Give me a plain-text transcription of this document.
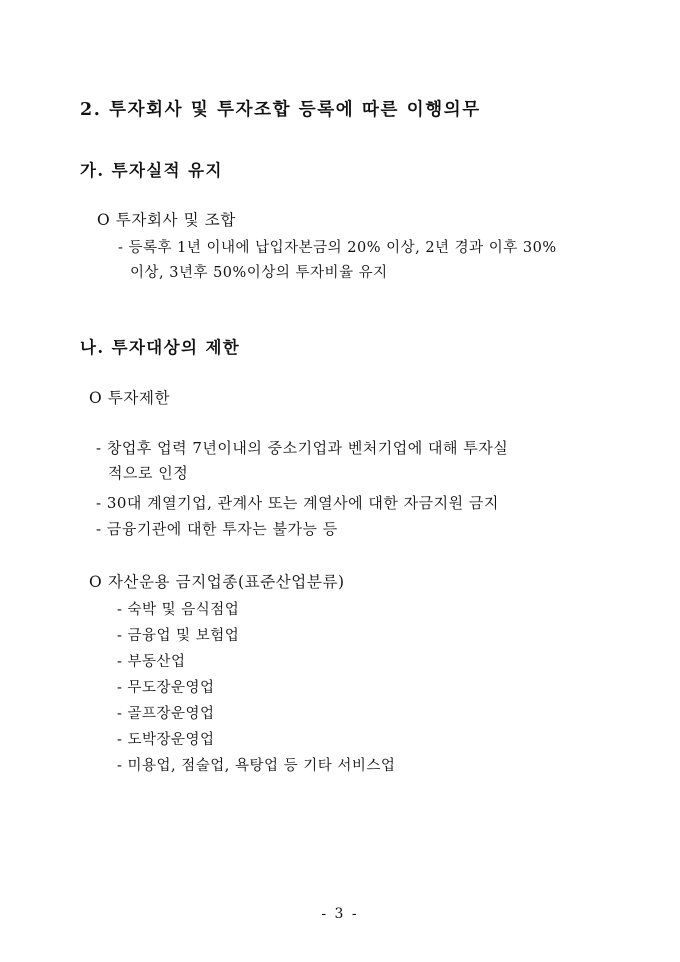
2. 투자회사 및 투자조합 등록에 따른 이행의무
가. 투자실적 유지
O 투자회사 및 조합
- 등록후 1년 이내에 납입자본금의 20% 이상, 2년 경과 이후 30%
이상, 3년후 50%이상의 투자비율 유지
나. 투자대상의 제한
O 투자제한
- 창업후 업력 7년이내의 중소기업과 벤처기업에 대해 투자실
적으로 인정
- 30대 계열기업, 관계사 또는 계열사에 대한 자금지원 금지
- 금융기관에 대한 투자는 불가능 등
O 자산운용 금지업종(표준산업분류)
- 숙박 및 음식점업
- 금융업 및 보험업
- 부동산업
- 무도장운영업
- 골프장운영업
- 도박장운영업
- 미용업, 점술업, 욕탕업 등 기타 서비스업
- 3 -
